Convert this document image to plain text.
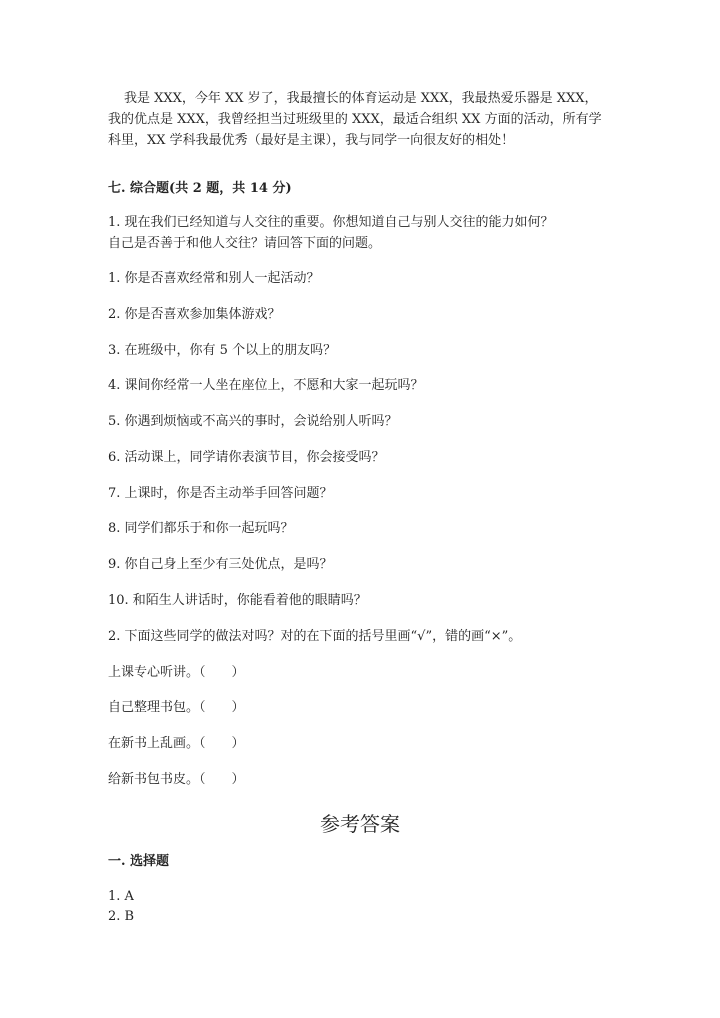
我是 XXX，今年 XX 岁了，我最擅长的体育运动是 XXX，我最热爱乐器是 XXX，我的优点是 XXX，我曾经担当过班级里的 XXX，最适合组织 XX 方面的活动，所有学科里，XX 学科我最优秀（最好是主课），我与同学一向很友好的相处！
七. 综合题(共 2 题，共 14 分)
1. 现在我们已经知道与人交往的重要。你想知道自己与别人交往的能力如何？
自己是否善于和他人交往？请回答下面的问题。
1. 你是否喜欢经常和别人一起活动？
2. 你是否喜欢参加集体游戏？
3. 在班级中，你有 5 个以上的朋友吗？
4. 课间你经常一人坐在座位上，不愿和大家一起玩吗？
5. 你遇到烦恼或不高兴的事时，会说给别人听吗？
6. 活动课上，同学请你表演节目，你会接受吗？
7. 上课时，你是否主动举手回答问题？
8. 同学们都乐于和你一起玩吗？
9. 你自己身上至少有三处优点，是吗？
10. 和陌生人讲话时，你能看着他的眼睛吗？
2. 下面这些同学的做法对吗？对的在下面的括号里画“√”，错的画“×”。
上课专心听讲。（　　）
自己整理书包。（　　）
在新书上乱画。（　　）
给新书包书皮。（　　）
参考答案
一. 选择题
1. A
2. B
